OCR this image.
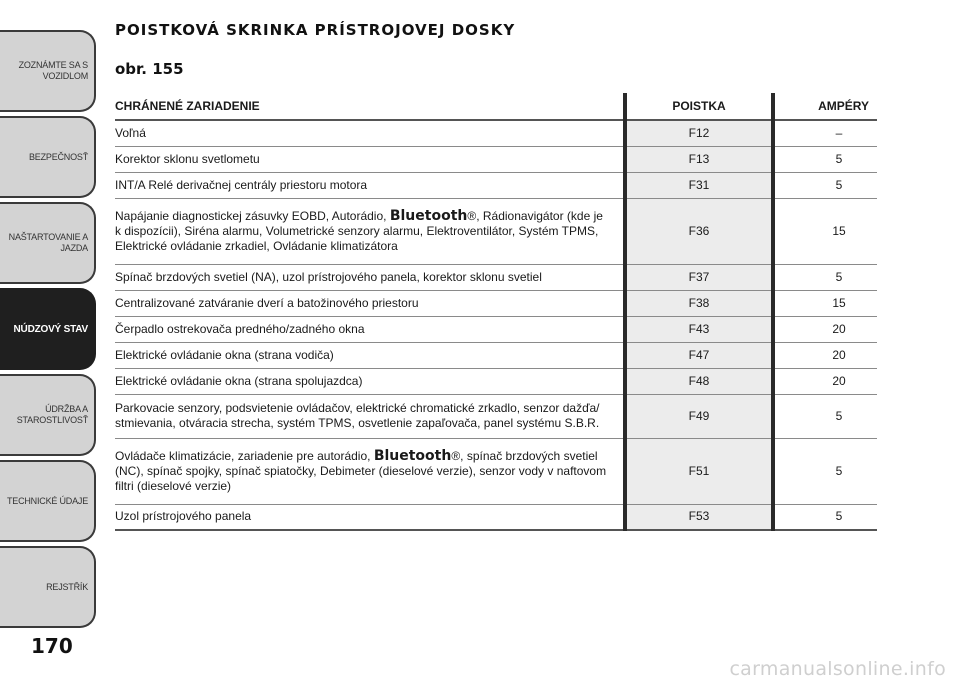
ZOZNÁMTE SA S
VOZIDLOM
BEZPEČNOSŤ
NAŠTARTOVANIE A
JAZDA
NÚDZOVÝ STAV
ÚDRŽBA A
STAROSTLIVOSŤ
TECHNICKÉ ÚDAJE
REJSTŘÍK
170
POISTKOVÁ SKRINKA PRÍSTROJOVEJ DOSKY
obr. 155
CHRÁNENÉ ZARIADENIE	POISTKA	AMPÉRY
Voľná	F12	–
Korektor sklonu svetlometu	F13	5
INT/A Relé derivačnej centrály priestoru motora	F31	5
Napájanie diagnostickej zásuvky EOBD, Autorádio, Bluetooth®, Rádionavigátor (kde je k dispozícii), Siréna alarmu, Volumetrické senzory alarmu, Elektroventilátor, Systém TPMS, Elektrické ovládanie zrkadiel, Ovládanie klimatizátora	F36	15
Spínač brzdových svetiel (NA), uzol prístrojového panela, korektor sklonu svetiel	F37	5
Centralizované zatváranie dverí a batožinového priestoru	F38	15
Čerpadlo ostrekovača predného/zadného okna	F43	20
Elektrické ovládanie okna (strana vodiča)	F47	20
Elektrické ovládanie okna (strana spolujazdca)	F48	20
Parkovacie senzory, podsvietenie ovládačov, elektrické chromatické zrkadlo, senzor dažďa/ stmievania, otváracia strecha, systém TPMS, osvetlenie zapaľovača, panel systému S.B.R.	F49	5
Ovládače klimatizácie, zariadenie pre autorádio, Bluetooth®, spínač brzdových svetiel (NC), spínač spojky, spínač spiatočky, Debimeter (dieselové verzie), senzor vody v naftovom filtri (dieselové verzie)	F51	5
Uzol prístrojového panela	F53	5
carmanualsonline.info
